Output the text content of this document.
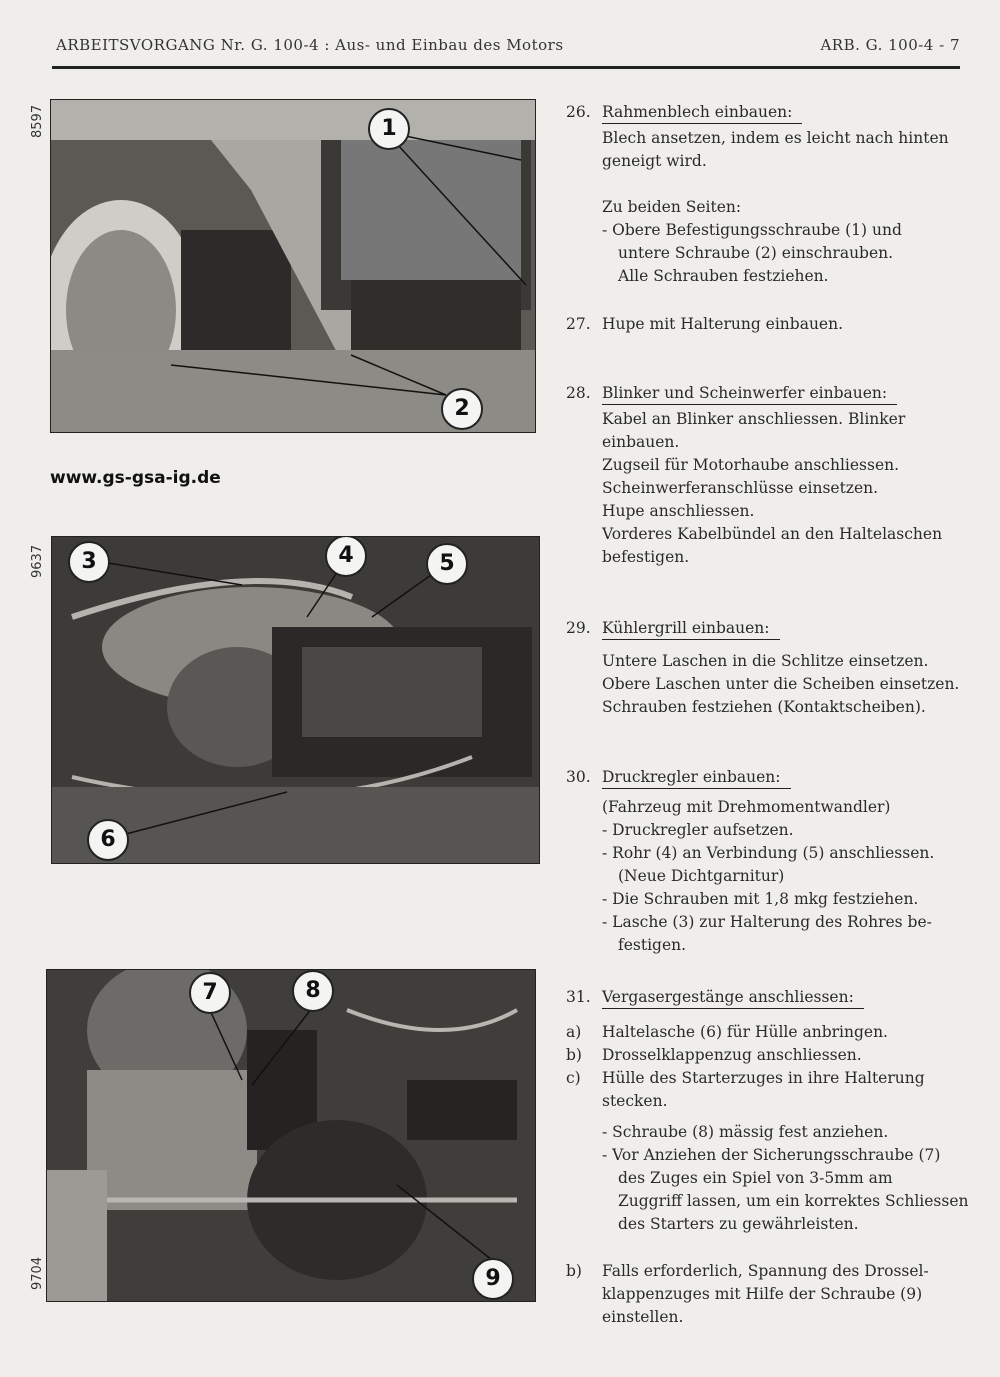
ARBEITSVORGANG Nr. G. 100-4 : Aus- und Einbau des Motors	ARB. G. 100-4 - 7
8597	1
2
www.gs-gsa-ig.de
9637	3	4	5
6
9704
7	8
9
26. Rahmenblech einbauen:
Blech ansetzen, indem es leicht nach hinten
geneigt wird.
Zu beiden Seiten:
- Obere Befestigungsschraube (1) und
untere Schraube (2) einschrauben.
Alle Schrauben festziehen.
27. Hupe mit Halterung einbauen.
28. Blinker und Scheinwerfer einbauen:
Kabel an Blinker anschliessen. Blinker
einbauen.
Zugseil für Motorhaube anschliessen.
Scheinwerferanschlüsse einsetzen.
Hupe anschliessen.
Vorderes Kabelbündel an den Haltelaschen
befestigen.
29. Kühlergrill einbauen:
Untere Laschen in die Schlitze einsetzen.
Obere Laschen unter die Scheiben einsetzen.
Schrauben festziehen (Kontaktscheiben).
30. Druckregler einbauen:
(Fahrzeug mit Drehmomentwandler)
- Druckregler aufsetzen.
- Rohr (4) an Verbindung (5) anschliessen.
(Neue Dichtgarnitur)
- Die Schrauben mit 1,8 mkg festziehen.
- Lasche (3) zur Halterung des Rohres be-
festigen.
31. Vergasergestänge anschliessen:
a) Haltelasche (6) für Hülle anbringen.
b) Drosselklappenzug anschliessen.
c) Hülle des Starterzuges in ihre Halterung
stecken.
- Schraube (8) mässig fest anziehen.
- Vor Anziehen der Sicherungsschraube (7)
des Zuges ein Spiel von 3-5mm am
Zuggriff lassen, um ein korrektes Schliessen
des Starters zu gewährleisten.
b) Falls erforderlich, Spannung des Drossel-
klappenzuges mit Hilfe der Schraube (9)
einstellen.
